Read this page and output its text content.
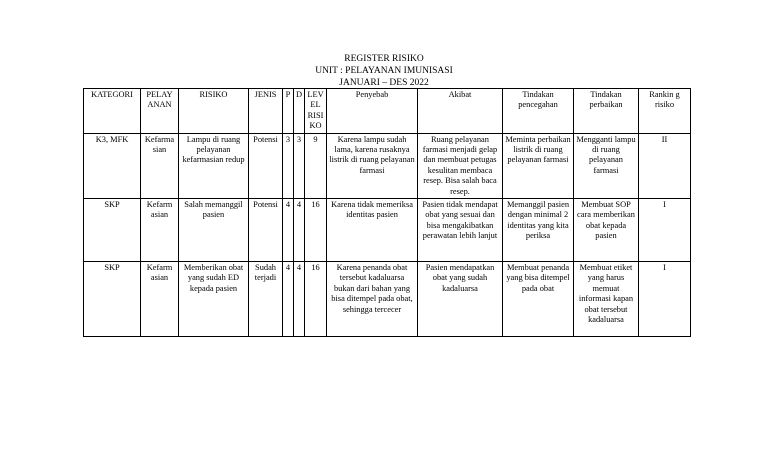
REGISTER RISIKO
UNIT : PELAYANAN IMUNISASI
JANUARI – DES 2022
KATEGORI	PELAY ANAN	RISIKO	JENIS	P	D	LEV EL RISI KO	Penyebab	Akibat	Tindakan pencegahan	Tindakan perbaikan	Rankin g risiko
K3, MFK	Kefarma sian	Lampu di ruang pelayanan kefarmasian redup	Potensi	3	3	9	Karena lampu sudah lama, karena rusaknya listrik di ruang pelayanan farmasi	Ruang pelayanan farmasi menjadi gelap dan membuat petugas kesulitan membaca resep. Bisa salah baca resep.	Meminta perbaikan listrik di ruang pelayanan farmasi	Mengganti lampu di ruang pelayanan farmasi	II
SKP	Kefarm asian	Salah memanggil pasien	Potensi	4	4	16	Karena tidak memeriksa identitas pasien	Pasien tidak mendapat obat yang sesuai dan bisa mengakibatkan perawatan lebih lanjut	Memanggil pasien dengan minimal 2 identitas yang kita periksa	Membuat SOP cara memberikan obat kepada pasien	I
SKP	Kefarm asian	Memberikan obat yang sudah ED kepada pasien	Sudah terjadi	4	4	16	Karena penanda obat tersebut kadaluarsa bukan dari bahan yang bisa ditempel pada obat, sehingga tercecer	Pasien mendapatkan obat yang sudah kadaluarsa	Membuat penanda yang bisa ditempel pada obat	Membuat etiket yang harus memuat informasi kapan obat tersebut kadaluarsa	I
